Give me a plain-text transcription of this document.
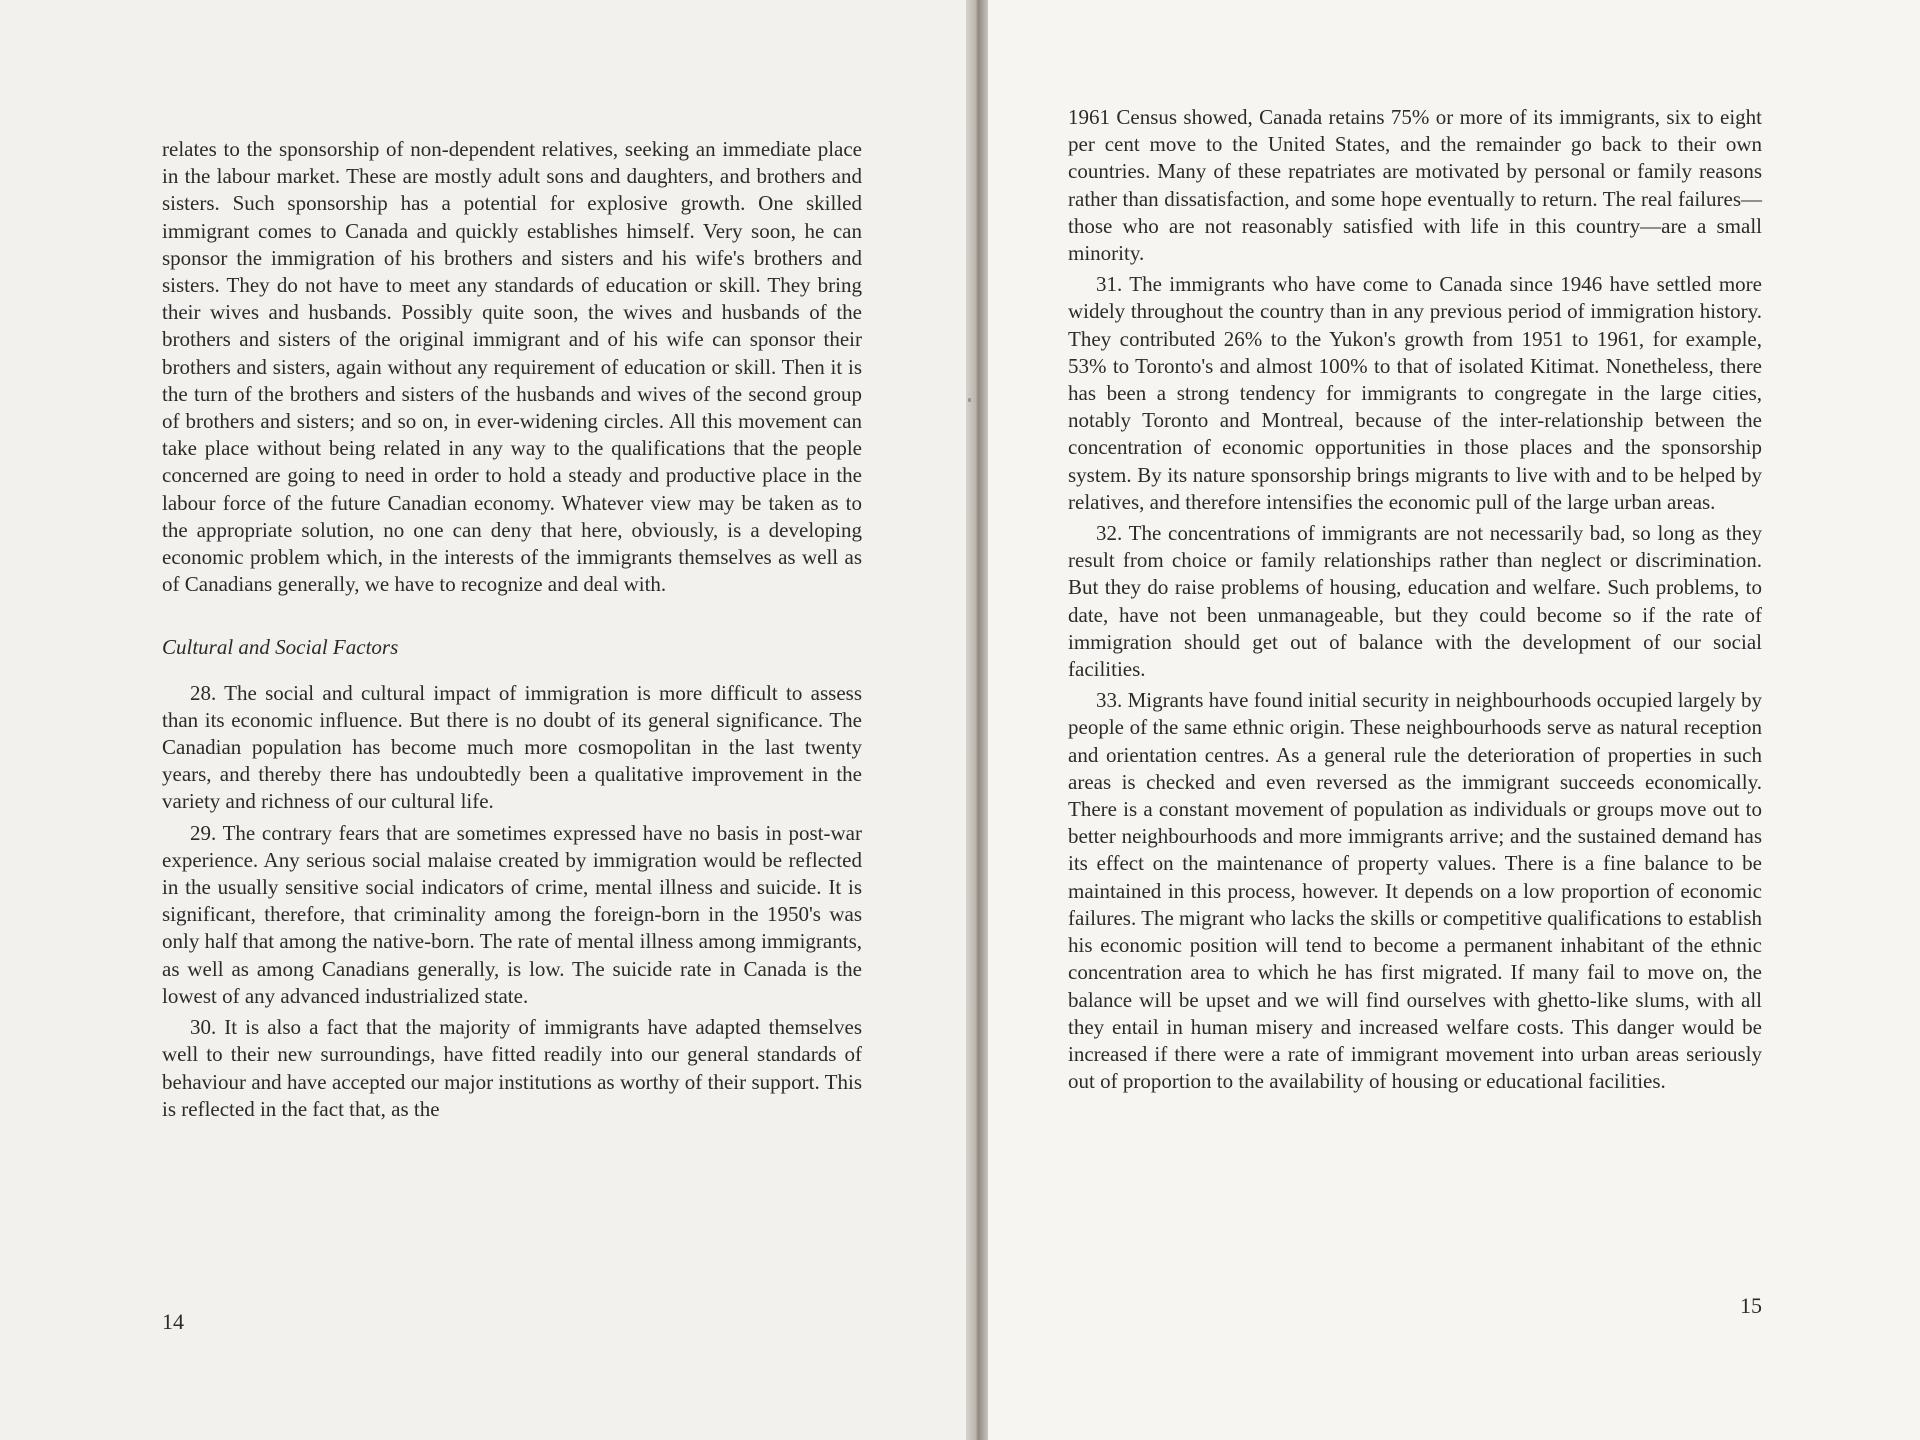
relates to the sponsorship of non-dependent relatives, seeking an immediate place in the labour market. These are mostly adult sons and daughters, and brothers and sisters. Such sponsorship has a potential for explosive growth. One skilled immigrant comes to Canada and quickly establishes himself. Very soon, he can sponsor the immigration of his brothers and sisters and his wife's brothers and sisters. They do not have to meet any standards of education or skill. They bring their wives and husbands. Possibly quite soon, the wives and husbands of the brothers and sisters of the original immigrant and of his wife can sponsor their brothers and sisters, again without any requirement of education or skill. Then it is the turn of the brothers and sisters of the husbands and wives of the second group of brothers and sisters; and so on, in ever-widening circles. All this movement can take place without being related in any way to the qualifications that the people concerned are going to need in order to hold a steady and productive place in the labour force of the future Canadian economy. Whatever view may be taken as to the appropriate solution, no one can deny that here, obviously, is a developing economic problem which, in the interests of the immigrants themselves as well as of Canadians generally, we have to recognize and deal with.

Cultural and Social Factors

28. The social and cultural impact of immigration is more difficult to assess than its economic influence. But there is no doubt of its general significance. The Canadian population has become much more cosmopolitan in the last twenty years, and thereby there has undoubtedly been a qualitative improvement in the variety and richness of our cultural life.

29. The contrary fears that are sometimes expressed have no basis in post-war experience. Any serious social malaise created by immigration would be reflected in the usually sensitive social indicators of crime, mental illness and suicide. It is significant, therefore, that criminality among the foreign-born in the 1950's was only half that among the native-born. The rate of mental illness among immigrants, as well as among Canadians generally, is low. The suicide rate in Canada is the lowest of any advanced industrialized state.

30. It is also a fact that the majority of immigrants have adapted themselves well to their new surroundings, have fitted readily into our general standards of behaviour and have accepted our major institutions as worthy of their support. This is reflected in the fact that, as the

14

1961 Census showed, Canada retains 75% or more of its immigrants, six to eight per cent move to the United States, and the remainder go back to their own countries. Many of these repatriates are motivated by personal or family reasons rather than dissatisfaction, and some hope eventually to return. The real failures—those who are not reasonably satisfied with life in this country—are a small minority.

31. The immigrants who have come to Canada since 1946 have settled more widely throughout the country than in any previous period of immigration history. They contributed 26% to the Yukon's growth from 1951 to 1961, for example, 53% to Toronto's and almost 100% to that of isolated Kitimat. Nonetheless, there has been a strong tendency for immigrants to congregate in the large cities, notably Toronto and Montreal, because of the inter-relationship between the concentration of economic opportunities in those places and the sponsorship system. By its nature sponsorship brings migrants to live with and to be helped by relatives, and therefore intensifies the economic pull of the large urban areas.

32. The concentrations of immigrants are not necessarily bad, so long as they result from choice or family relationships rather than neglect or discrimination. But they do raise problems of housing, education and welfare. Such problems, to date, have not been unmanageable, but they could become so if the rate of immigration should get out of balance with the development of our social facilities.

33. Migrants have found initial security in neighbourhoods occupied largely by people of the same ethnic origin. These neighbourhoods serve as natural reception and orientation centres. As a general rule the deterioration of properties in such areas is checked and even reversed as the immigrant succeeds economically. There is a constant movement of population as individuals or groups move out to better neighbourhoods and more immigrants arrive; and the sustained demand has its effect on the maintenance of property values. There is a fine balance to be maintained in this process, however. It depends on a low proportion of economic failures. The migrant who lacks the skills or competitive qualifications to establish his economic position will tend to become a permanent inhabitant of the ethnic concentration area to which he has first migrated. If many fail to move on, the balance will be upset and we will find ourselves with ghetto-like slums, with all they entail in human misery and increased welfare costs. This danger would be increased if there were a rate of immigrant movement into urban areas seriously out of proportion to the availability of housing or educational facilities.

15
